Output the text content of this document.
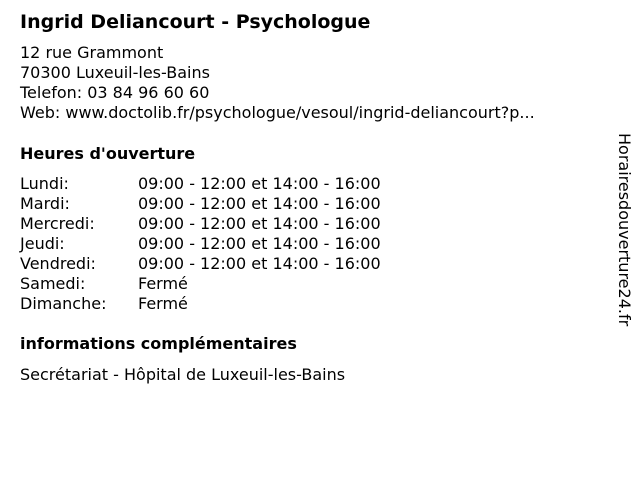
Ingrid Deliancourt - Psychologue
12 rue Grammont
70300 Luxeuil-les-Bains
Telefon: 03 84 96 60 60
Web: www.doctolib.fr/psychologue/vesoul/ingrid-deliancourt?p...
Heures d'ouverture
Lundi:	09:00 - 12:00 et 14:00 - 16:00
Mardi:	09:00 - 12:00 et 14:00 - 16:00
Mercredi:	09:00 - 12:00 et 14:00 - 16:00
Jeudi:	09:00 - 12:00 et 14:00 - 16:00
Vendredi:	09:00 - 12:00 et 14:00 - 16:00
Samedi:	Fermé
Dimanche:	Fermé
informations complémentaires
Secrétariat - Hôpital de Luxeuil-les-Bains
Horairesdouverture24.fr
